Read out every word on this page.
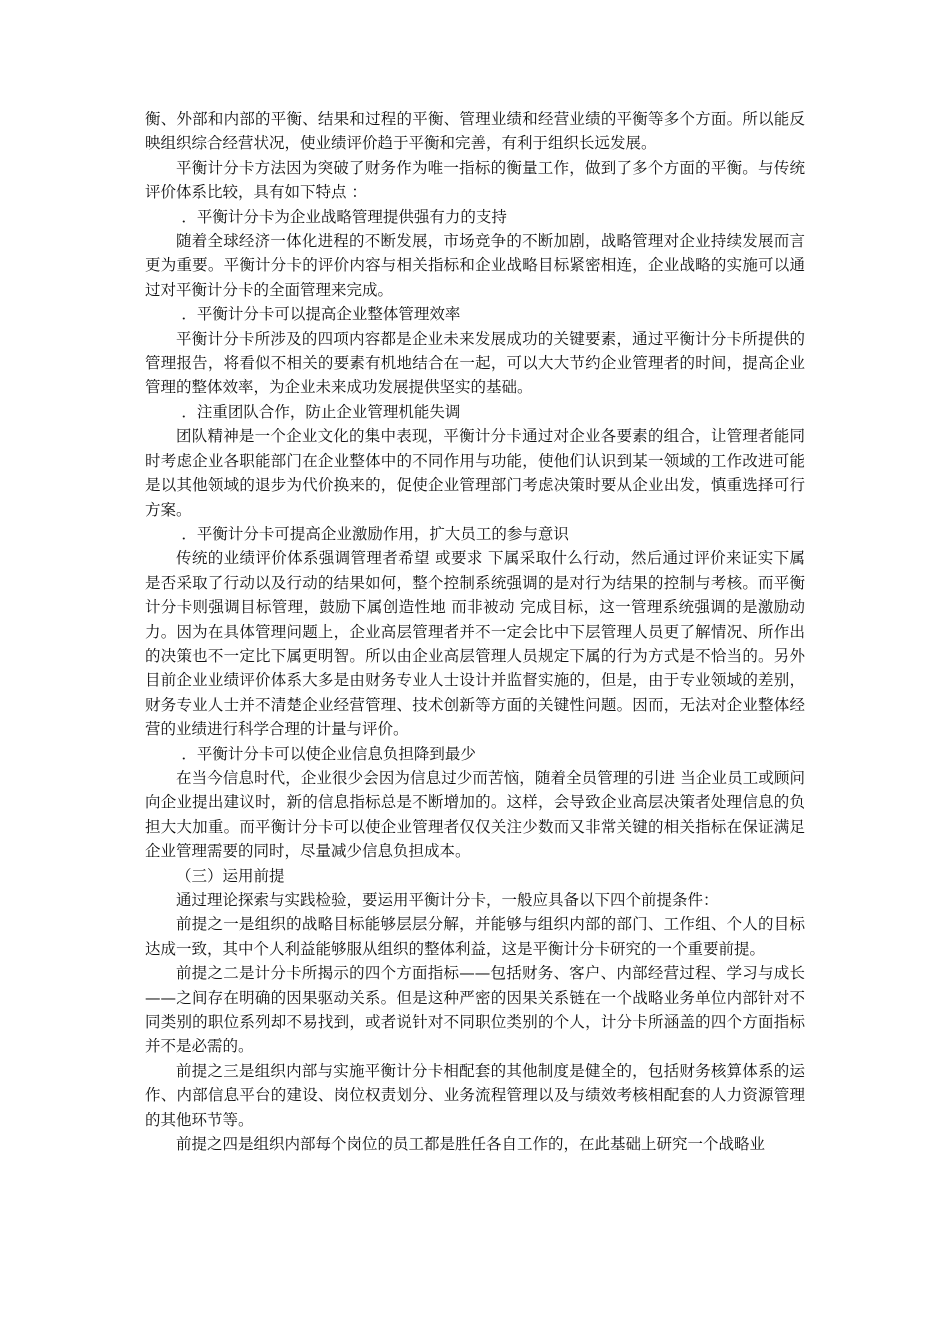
衡、外部和内部的平衡、结果和过程的平衡、管理业绩和经营业绩的平衡等多个方面。所以能反映组织综合经营状况，使业绩评价趋于平衡和完善，有利于组织长远发展。

平衡计分卡方法因为突破了财务作为唯一指标的衡量工作，做到了多个方面的平衡。与传统评价体系比较，具有如下特点 ：

．平衡计分卡为企业战略管理提供强有力的支持

随着全球经济一体化进程的不断发展，市场竞争的不断加剧，战略管理对企业持续发展而言更为重要。平衡计分卡的评价内容与相关指标和企业战略目标紧密相连，企业战略的实施可以通过对平衡计分卡的全面管理来完成。

．平衡计分卡可以提高企业整体管理效率

平衡计分卡所涉及的四项内容都是企业未来发展成功的关键要素，通过平衡计分卡所提供的管理报告，将看似不相关的要素有机地结合在一起，可以大大节约企业管理者的时间，提高企业管理的整体效率，为企业未来成功发展提供坚实的基础。

．注重团队合作，防止企业管理机能失调

团队精神是一个企业文化的集中表现，平衡计分卡通过对企业各要素的组合，让管理者能同时考虑企业各职能部门在企业整体中的不同作用与功能，使他们认识到某一领域的工作改进可能是以其他领域的退步为代价换来的，促使企业管理部门考虑决策时要从企业出发，慎重选择可行方案。

．平衡计分卡可提高企业激励作用，扩大员工的参与意识

传统的业绩评价体系强调管理者希望 或要求 下属采取什么行动，然后通过评价来证实下属是否采取了行动以及行动的结果如何，整个控制系统强调的是对行为结果的控制与考核。而平衡计分卡则强调目标管理，鼓励下属创造性地 而非被动 完成目标，这一管理系统强调的是激励动力。因为在具体管理问题上，企业高层管理者并不一定会比中下层管理人员更了解情况、所作出的决策也不一定比下属更明智。所以由企业高层管理人员规定下属的行为方式是不恰当的。另外 目前企业业绩评价体系大多是由财务专业人士设计并监督实施的，但是，由于专业领域的差别，财务专业人士并不清楚企业经营管理、技术创新等方面的关键性问题。因而，无法对企业整体经营的业绩进行科学合理的计量与评价。

．平衡计分卡可以使企业信息负担降到最少

在当今信息时代，企业很少会因为信息过少而苦恼，随着全员管理的引进 当企业员工或顾问向企业提出建议时，新的信息指标总是不断增加的。这样，会导致企业高层决策者处理信息的负担大大加重。而平衡计分卡可以使企业管理者仅仅关注少数而又非常关键的相关指标在保证满足企业管理需要的同时，尽量减少信息负担成本。

（三）运用前提

通过理论探索与实践检验，要运用平衡计分卡，一般应具备以下四个前提条件：

前提之一是组织的战略目标能够层层分解，并能够与组织内部的部门、工作组、个人的目标达成一致，其中个人利益能够服从组织的整体利益，这是平衡计分卡研究的一个重要前提。

前提之二是计分卡所揭示的四个方面指标——包括财务、客户、内部经营过程、学习与成长——之间存在明确的因果驱动关系。但是这种严密的因果关系链在一个战略业务单位内部针对不同类别的职位系列却不易找到，或者说针对不同职位类别的个人，计分卡所涵盖的四个方面指标并不是必需的。

前提之三是组织内部与实施平衡计分卡相配套的其他制度是健全的，包括财务核算体系的运作、内部信息平台的建设、岗位权责划分、业务流程管理以及与绩效考核相配套的人力资源管理的其他环节等。

前提之四是组织内部每个岗位的员工都是胜任各自工作的，在此基础上研究一个战略业
